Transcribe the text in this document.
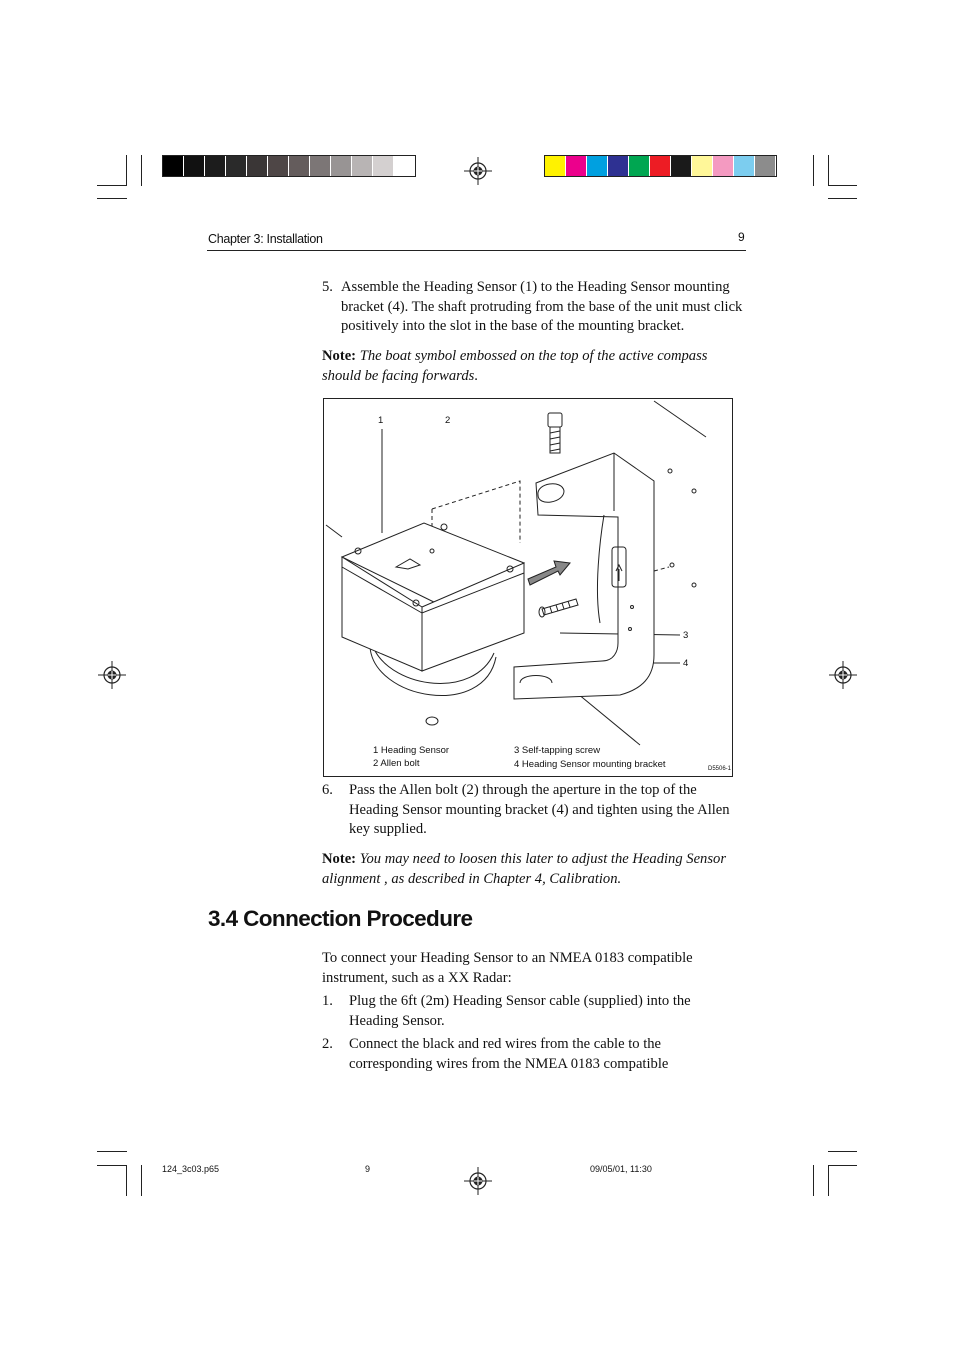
Chapter 3: Installation	9
5. Assemble the Heading Sensor (1) to the Heading Sensor mounting bracket (4). The shaft protruding from the base of the unit must click positively into the slot in the base of the mounting bracket.
Note: The boat symbol embossed on the top of the active compass should be facing forwards.
1	2
3
4
1 Heading Sensor
2 Allen bolt
3 Self-tapping screw
4 Heading Sensor mounting bracket	D5506-1
6. Pass the Allen bolt (2) through the aperture in the top of the Heading Sensor mounting bracket (4) and tighten using the Allen key supplied.
Note: You may need to loosen this later to adjust the Heading Sensor alignment , as described in Chapter 4, Calibration.
3.4 Connection Procedure
To connect your Heading Sensor to an NMEA 0183 compatible instrument, such as a XX Radar:
1. Plug the 6ft (2m) Heading Sensor cable (supplied) into the Heading Sensor.
2. Connect the black and red wires from the cable to the corresponding wires from the NMEA 0183 compatible
124_3c03.p65	9	09/05/01, 11:30
